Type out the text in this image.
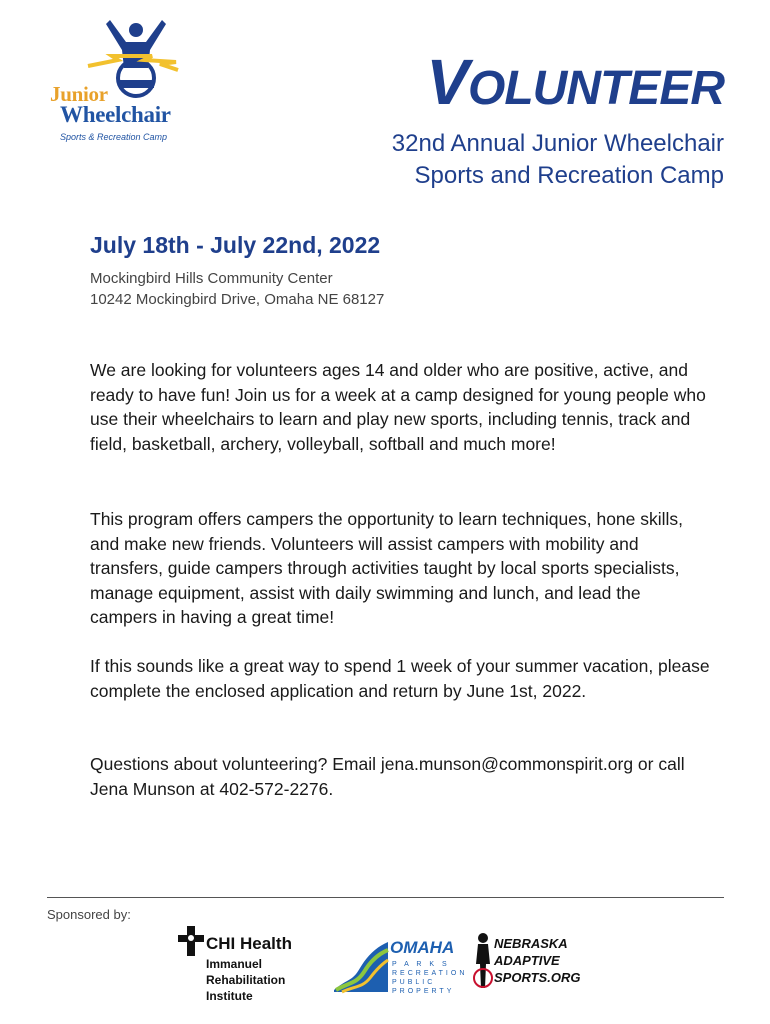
Junior
Wheelchair
Sports & Recreation Camp
VOLUNTEER
32nd Annual Junior Wheelchair
Sports and Recreation Camp
July 18th - July 22nd, 2022
Mockingbird Hills Community Center
10242 Mockingbird Drive, Omaha NE 68127
We are looking for volunteers ages 14 and older who are positive, active, and ready to have fun! Join us for a week at a camp designed for young people who use their wheelchairs to learn and play new sports, including tennis, track and field, basketball, archery, volleyball, softball and much more!
This program offers campers the opportunity to learn techniques, hone skills, and make new friends. Volunteers will assist campers with mobility and transfers, guide campers through activities taught by local sports specialists, manage equipment, assist with daily swimming and lunch, and lead the campers in having a great time!
If this sounds like a great way to spend 1 week of your summer vacation, please complete the enclosed application and return by June 1st, 2022.
Questions about volunteering? Email jena.munson@commonspirit.org or call Jena Munson at 402-572-2276.
Sponsored by:
CHI Health
Immanuel
Rehabilitation
Institute
OMAHA
P A R K S
RECREATION
PUBLIC PROPERTY
NEBRASKA
ADAPTIVE
SPORTS.ORG
